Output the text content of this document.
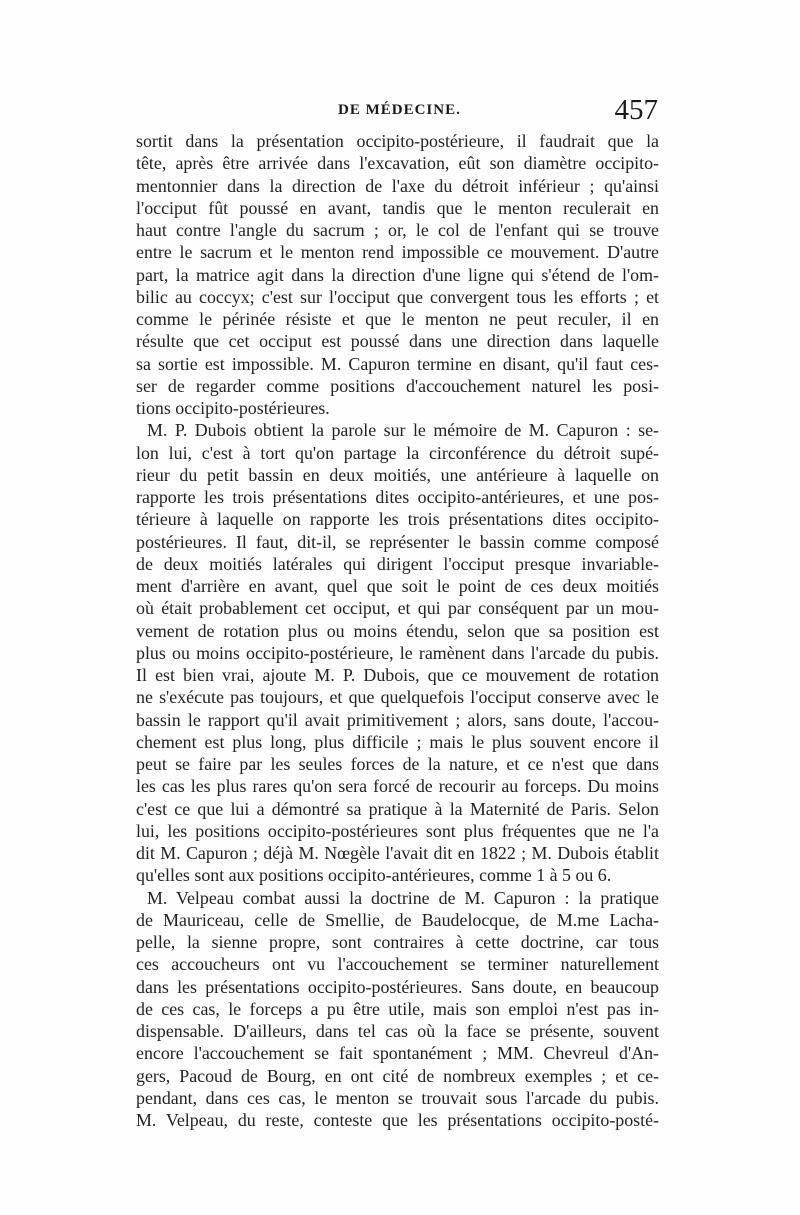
DE MÉDECINE.	457
sortit dans la présentation occipito-postérieure, il faudrait que la
tête, après être arrivée dans l'excavation, eût son diamètre occipito-
mentonnier dans la direction de l'axe du détroit inférieur ; qu'ainsi
l'occiput fût poussé en avant, tandis que le menton reculerait en
haut contre l'angle du sacrum ; or, le col de l'enfant qui se trouve
entre le sacrum et le menton rend impossible ce mouvement. D'autre
part, la matrice agit dans la direction d'une ligne qui s'étend de l'om-
bilic au coccyx; c'est sur l'occiput que convergent tous les efforts ; et
comme le périnée résiste et que le menton ne peut reculer, il en
résulte que cet occiput est poussé dans une direction dans laquelle
sa sortie est impossible. M. Capuron termine en disant, qu'il faut ces-
ser de regarder comme positions d'accouchement naturel les posi-
tions occipito-postérieures.
M. P. Dubois obtient la parole sur le mémoire de M. Capuron : se-
lon lui, c'est à tort qu'on partage la circonférence du détroit supé-
rieur du petit bassin en deux moitiés, une antérieure à laquelle on
rapporte les trois présentations dites occipito-antérieures, et une pos-
térieure à laquelle on rapporte les trois présentations dites occipito-
postérieures. Il faut, dit-il, se représenter le bassin comme composé
de deux moitiés latérales qui dirigent l'occiput presque invariable-
ment d'arrière en avant, quel que soit le point de ces deux moitiés
où était probablement cet occiput, et qui par conséquent par un mou-
vement de rotation plus ou moins étendu, selon que sa position est
plus ou moins occipito-postérieure, le ramènent dans l'arcade du pubis.
Il est bien vrai, ajoute M. P. Dubois, que ce mouvement de rotation
ne s'exécute pas toujours, et que quelquefois l'occiput conserve avec le
bassin le rapport qu'il avait primitivement ; alors, sans doute, l'accou-
chement est plus long, plus difficile ; mais le plus souvent encore il
peut se faire par les seules forces de la nature, et ce n'est que dans
les cas les plus rares qu'on sera forcé de recourir au forceps. Du moins
c'est ce que lui a démontré sa pratique à la Maternité de Paris. Selon
lui, les positions occipito-postérieures sont plus fréquentes que ne l'a
dit M. Capuron ; déjà M. Nœgèle l'avait dit en 1822 ; M. Dubois établit
qu'elles sont aux positions occipito-antérieures, comme 1 à 5 ou 6.
M. Velpeau combat aussi la doctrine de M. Capuron : la pratique
de Mauriceau, celle de Smellie, de Baudelocque, de M.me Lacha-
pelle, la sienne propre, sont contraires à cette doctrine, car tous
ces accoucheurs ont vu l'accouchement se terminer naturellement
dans les présentations occipito-postérieures. Sans doute, en beaucoup
de ces cas, le forceps a pu être utile, mais son emploi n'est pas in-
dispensable. D'ailleurs, dans tel cas où la face se présente, souvent
encore l'accouchement se fait spontanément ; MM. Chevreul d'An-
gers, Pacoud de Bourg, en ont cité de nombreux exemples ; et ce-
pendant, dans ces cas, le menton se trouvait sous l'arcade du pubis.
M. Velpeau, du reste, conteste que les présentations occipito-posté-
